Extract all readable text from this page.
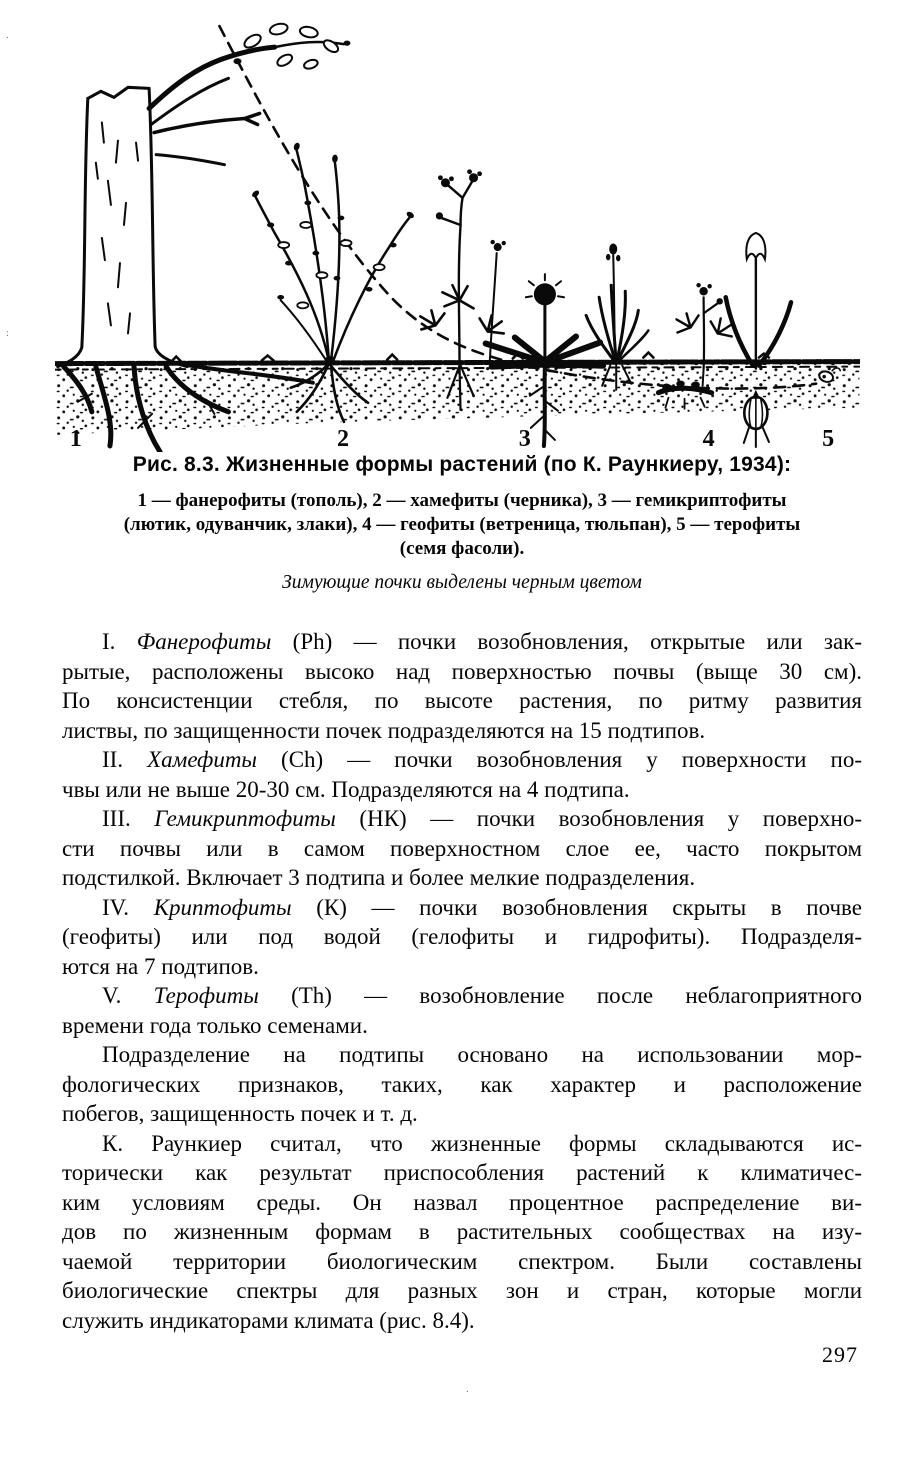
1	2	3	4	5
Рис. 8.3. Жизненные формы растений (по К. Раункиеру, 1934):
1 — фанерофиты (тополь), 2 — хамефиты (черника), 3 — гемикриптофиты
(лютик, одуванчик, злаки), 4 — геофиты (ветреница, тюльпан), 5 — терофиты
(семя фасоли).
Зимующие почки выделены черным цветом
I. Фанерофиты (Ph) — почки возобновления, открытые или зак-
рытые, расположены высоко над поверхностью почвы (выще 30 см).
По консистенции стебля, по высоте растения, по ритму развития
листвы, по защищенности почек подразделяются на 15 подтипов.
II. Хамефиты (Ch) — почки возобновления у поверхности по-
чвы или не выше 20-30 см. Подразделяются на 4 подтипа.
III. Гемикриптофиты (НК) — почки возобновления у поверхно-
сти почвы или в самом поверхностном слое ее, часто покрытом
подстилкой. Включает 3 подтипа и более мелкие подразделения.
IV. Криптофиты (К) — почки возобновления скрыты в почве
(геофиты) или под водой (гелофиты и гидрофиты). Подразделя-
ются на 7 подтипов.
V. Терофиты (Th) — возобновление после неблагоприятного
времени года только семенами.
Подразделение на подтипы основано на использовании мор-
фологических признаков, таких, как характер и расположение
побегов, защищенность почек и т. д.
К. Раункиер считал, что жизненные формы складываются ис-
торически как результат приспособления растений к климатичес-
ким условиям среды. Он назвал процентное распределение ви-
дов по жизненным формам в растительных сообществах на изу-
чаемой территории биологическим спектром. Были составлены
биологические спектры для разных зон и стран, которые могли
служить индикаторами климата (рис. 8.4).
297
:
.
.
